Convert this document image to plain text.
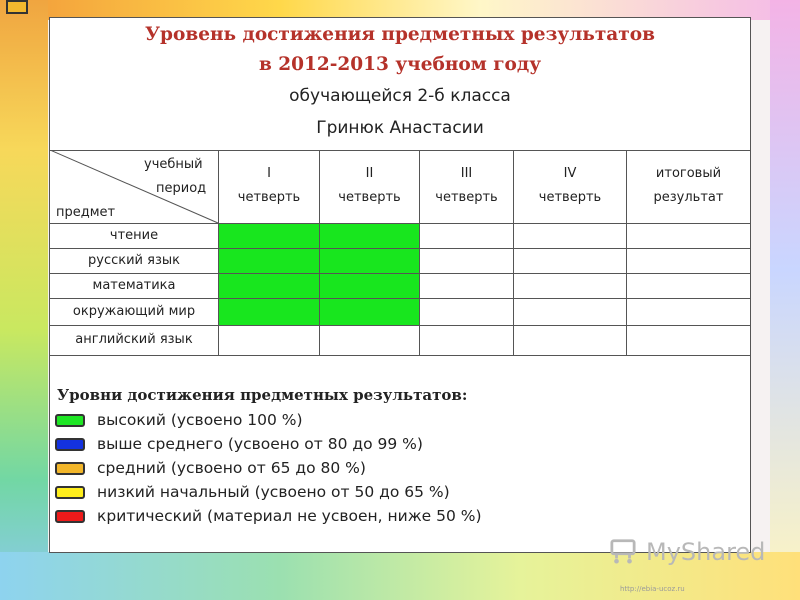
Уровень достижения предметных результатов
в 2012-2013 учебном году
обучающейся 2-б класса
Гринюк Анастасии
учебный
период
предмет
I
четверть
II
четверть
III
четверть
IV
четверть
итоговый
результат
чтение
русский язык
математика
окружающий мир
английский язык
Уровни достижения предметных результатов:
высокий (усвоено 100 %)
выше среднего (усвоено от 80 до 99 %)
средний (усвоено от 65 до 80 %)
низкий начальный (усвоено от 50 до 65 %)
критический (материал не усвоен, ниже 50 %)
MyShared
http://ebia-ucoz.ru
